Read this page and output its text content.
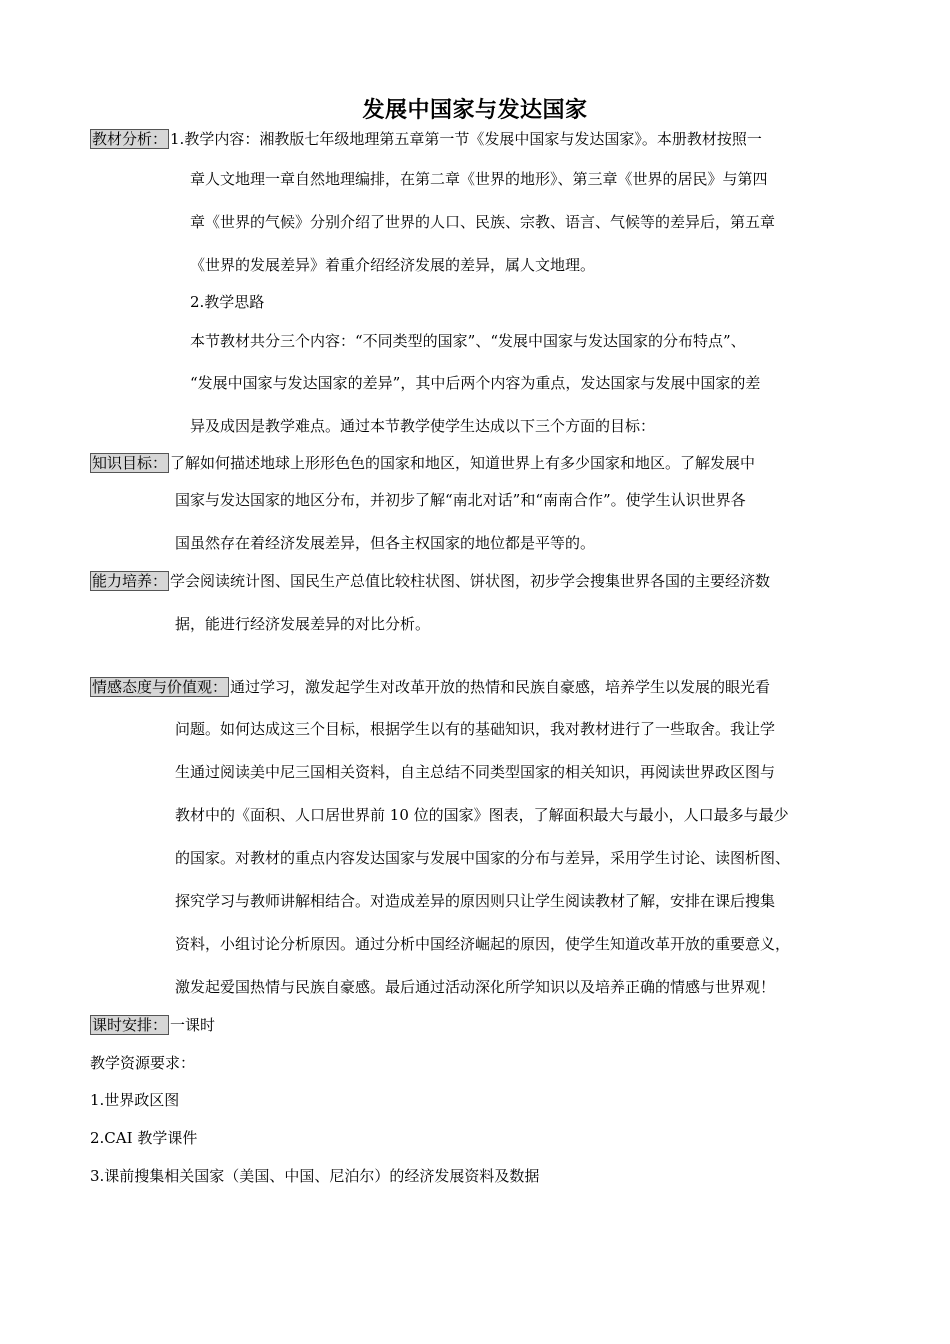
发展中国家与发达国家
教材分析： 1.教学内容：湘教版七年级地理第五章第一节《发展中国家与发达国家》。本册教材按照一
章人文地理一章自然地理编排，在第二章《世界的地形》、第三章《世界的居民》与第四
章《世界的气候》分别介绍了世界的人口、民族、宗教、语言、气候等的差异后，第五章
《世界的发展差异》着重介绍经济发展的差异，属人文地理。
2.教学思路
本节教材共分三个内容：“不同类型的国家”、“发展中国家与发达国家的分布特点”、
“发展中国家与发达国家的差异”，其中后两个内容为重点，发达国家与发展中国家的差
异及成因是教学难点。通过本节教学使学生达成以下三个方面的目标：
知识目标： 了解如何描述地球上形形色色的国家和地区，知道世界上有多少国家和地区。了解发展中
国家与发达国家的地区分布，并初步了解“南北对话”和“南南合作”。使学生认识世界各
国虽然存在着经济发展差异，但各主权国家的地位都是平等的。
能力培养： 学会阅读统计图、国民生产总值比较柱状图、饼状图，初步学会搜集世界各国的主要经济数
据，能进行经济发展差异的对比分析。
情感态度与价值观： 通过学习，激发起学生对改革开放的热情和民族自豪感，培养学生以发展的眼光看
问题。如何达成这三个目标，根据学生以有的基础知识，我对教材进行了一些取舍。我让学
生通过阅读美中尼三国相关资料，自主总结不同类型国家的相关知识，再阅读世界政区图与
教材中的《面积、人口居世界前 10 位的国家》图表，了解面积最大与最小，人口最多与最少
的国家。对教材的重点内容发达国家与发展中国家的分布与差异，采用学生讨论、读图析图、
探究学习与教师讲解相结合。对造成差异的原因则只让学生阅读教材了解，安排在课后搜集
资料，小组讨论分析原因。通过分析中国经济崛起的原因，使学生知道改革开放的重要意义，
激发起爱国热情与民族自豪感。最后通过活动深化所学知识以及培养正确的情感与世界观！
课时安排： 一课时
教学资源要求：
1.世界政区图
2.CAI 教学课件
3.课前搜集相关国家（美国、中国、尼泊尔）的经济发展资料及数据
